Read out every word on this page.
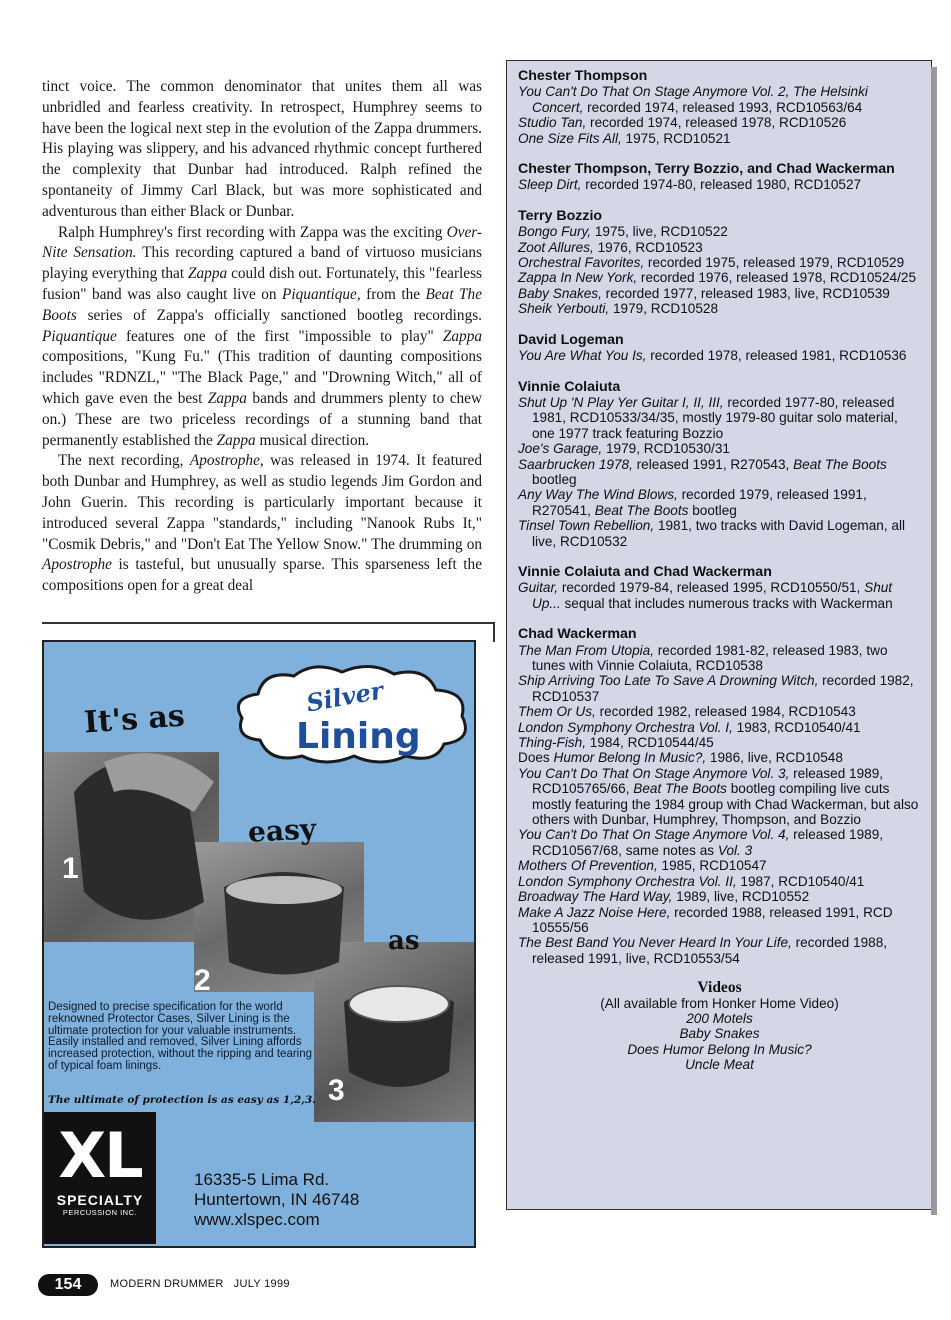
tinct voice. The common denominator that unites them all was unbridled and fearless creativity. In retrospect, Humphrey seems to have been the logical next step in the evolution of the Zappa drummers. His playing was slippery, and his advanced rhythmic concept furthered the complexity that Dunbar had introduced. Ralph refined the spontaneity of Jimmy Carl Black, but was more sophisticated and adventurous than either Black or Dunbar.

Ralph Humphrey's first recording with Zappa was the exciting Over-Nite Sensation. This recording captured a band of virtuoso musicians playing everything that Zappa could dish out. Fortunately, this "fearless fusion" band was also caught live on Piquantique, from the Beat The Boots series of Zappa's officially sanctioned bootleg recordings. Piquantique features one of the first "impossible to play" Zappa compositions, "Kung Fu." (This tradition of daunting compositions includes "RDNZL," "The Black Page," and "Drowning Witch," all of which gave even the best Zappa bands and drummers plenty to chew on.) These are two priceless recordings of a stunning band that permanently established the Zappa musical direction.

The next recording, Apostrophe, was released in 1974. It featured both Dunbar and Humphrey, as well as studio legends Jim Gordon and John Guerin. This recording is particularly important because it introduced several Zappa "standards," including "Nanook Rubs It," "Cosmik Debris," and "Don't Eat The Yellow Snow." The drumming on Apostrophe is tasteful, but unusually sparse. This sparseness left the compositions open for a great deal

Chester Thompson
You Can't Do That On Stage Anymore Vol. 2, The Helsinki Concert, recorded 1974, released 1993, RCD10563/64
Studio Tan, recorded 1974, released 1978, RCD10526
One Size Fits All, 1975, RCD10521
Chester Thompson, Terry Bozzio, and Chad Wackerman
Sleep Dirt, recorded 1974-80, released 1980, RCD10527
Terry Bozzio
Bongo Fury, 1975, live, RCD10522
Zoot Allures, 1976, RCD10523
Orchestral Favorites, recorded 1975, released 1979, RCD10529
Zappa In New York, recorded 1976, released 1978, RCD10524/25
Baby Snakes, recorded 1977, released 1983, live, RCD10539
Sheik Yerbouti, 1979, RCD10528
David Logeman
You Are What You Is, recorded 1978, released 1981, RCD10536
Vinnie Colaiuta
Shut Up 'N Play Yer Guitar I, II, III, recorded 1977-80, released 1981, RCD10533/34/35, mostly 1979-80 guitar solo material, one 1977 track featuring Bozzio
Joe's Garage, 1979, RCD10530/31
Saarbrucken 1978, released 1991, R270543, Beat The Boots bootleg
Any Way The Wind Blows, recorded 1979, released 1991, R270541, Beat The Boots bootleg
Tinsel Town Rebellion, 1981, two tracks with David Logeman, all live, RCD10532
Vinnie Colaiuta and Chad Wackerman
Guitar, recorded 1979-84, released 1995, RCD10550/51, Shut Up... sequal that includes numerous tracks with Wackerman
Chad Wackerman
The Man From Utopia, recorded 1981-82, released 1983, two tunes with Vinnie Colaiuta, RCD10538
Ship Arriving Too Late To Save A Drowning Witch, recorded 1982, RCD10537
Them Or Us, recorded 1982, released 1984, RCD10543
London Symphony Orchestra Vol. I, 1983, RCD10540/41
Thing-Fish, 1984, RCD10544/45
Does Humor Belong In Music?, 1986, live, RCD10548
You Can't Do That On Stage Anymore Vol. 3, released 1989, RCD105765/66, Beat The Boots bootleg compiling live cuts mostly featuring the 1984 group with Chad Wackerman, but also others with Dunbar, Humphrey, Thompson, and Bozzio
You Can't Do That On Stage Anymore Vol. 4, released 1989, RCD10567/68, same notes as Vol. 3
Mothers Of Prevention, 1985, RCD10547
London Symphony Orchestra Vol. II, 1987, RCD10540/41
Broadway The Hard Way, 1989, live, RCD10552
Make A Jazz Noise Here, recorded 1988, released 1991, RCD 10555/56
The Best Band You Never Heard In Your Life, recorded 1988, released 1991, live, RCD10553/54
Videos
(All available from Honker Home Video)
200 Motels
Baby Snakes
Does Humor Belong In Music?
Uncle Meat
It's as
easy
as
Silver
Lining
1
2
3
Designed to precise specification for the world reknowned Protector Cases, Silver Lining is the ultimate protection for your valuable instruments. Easily installed and removed, Silver Lining affords increased protection, without the ripping and tearing of typical foam linings.
The ultimate of protection is as easy as 1,2,3.
XL
SPECIALTY
PERCUSSION INC.
16335-5 Lima Rd.
Huntertown, IN 46748
www.xlspec.com
154	MODERN DRUMMER JULY 1999
